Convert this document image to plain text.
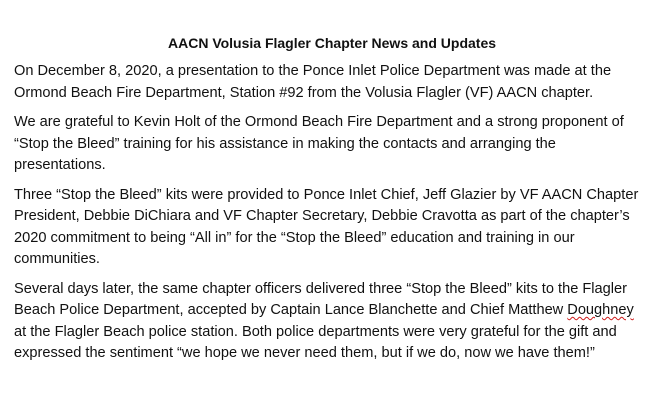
AACN Volusia Flagler Chapter News and Updates

On December 8, 2020, a presentation to the Ponce Inlet Police Department was made at the Ormond Beach Fire Department, Station #92 from the Volusia Flagler (VF) AACN chapter.

We are grateful to Kevin Holt of the Ormond Beach Fire Department and a strong proponent of “Stop the Bleed” training for his assistance in making the contacts and arranging the presentations.

Three “Stop the Bleed” kits were provided to Ponce Inlet Chief, Jeff Glazier by VF AACN Chapter President, Debbie DiChiara and VF Chapter Secretary, Debbie Cravotta as part of the chapter’s 2020 commitment to being “All in” for the “Stop the Bleed” education and training in our communities.

Several days later, the same chapter officers delivered three “Stop the Bleed” kits to the Flagler Beach Police Department, accepted by Captain Lance Blanchette and Chief Matthew Doughney at the Flagler Beach police station. Both police departments were very grateful for the gift and expressed the sentiment “we hope we never need them, but if we do, now we have them!”
